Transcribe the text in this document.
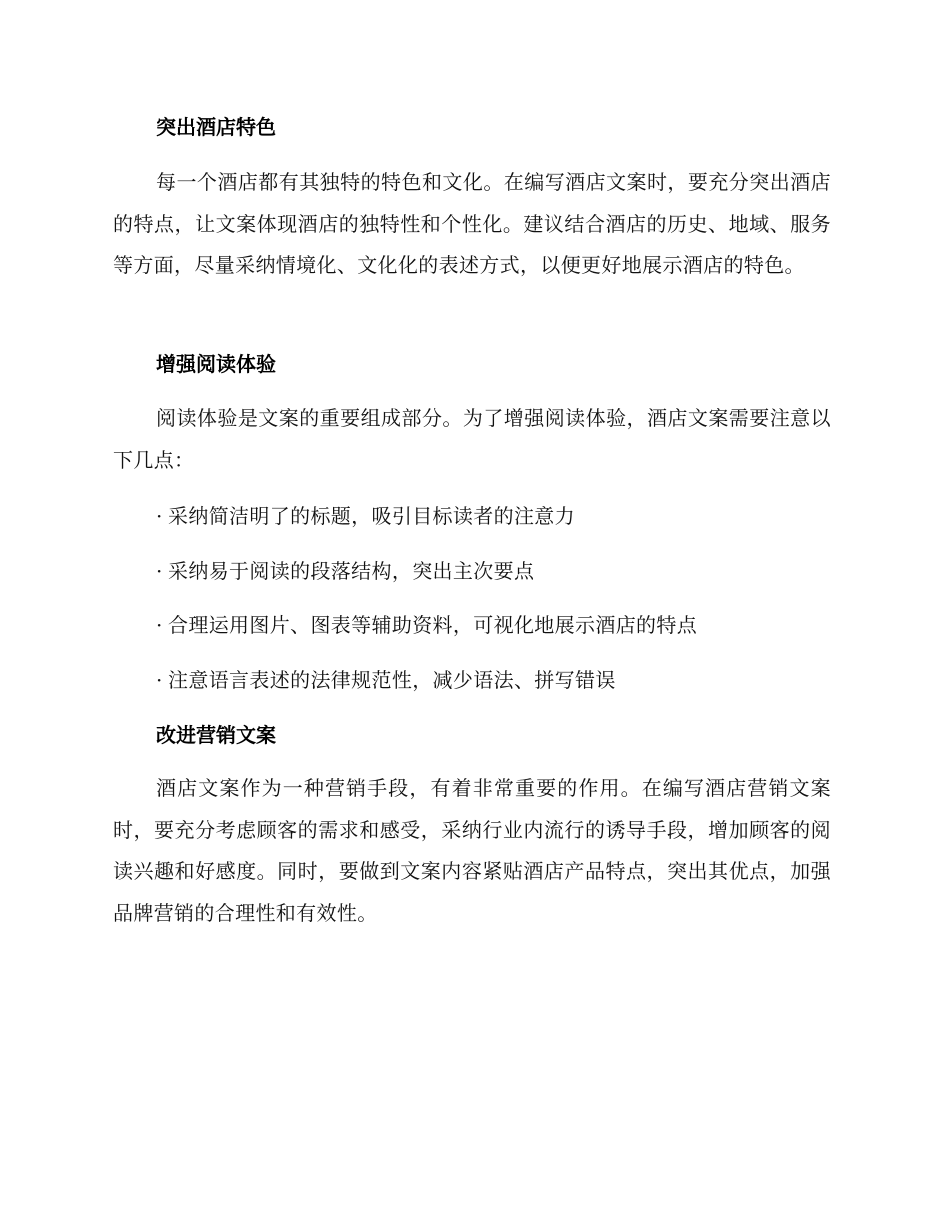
突出酒店特色

每一个酒店都有其独特的特色和文化。在编写酒店文案时，要充分突出酒店的特点，让文案体现酒店的独特性和个性化。建议结合酒店的历史、地域、服务等方面，尽量采纳情境化、文化化的表述方式，以便更好地展示酒店的特色。

增强阅读体验

阅读体验是文案的重要组成部分。为了增强阅读体验，酒店文案需要注意以下几点：

· 采纳简洁明了的标题，吸引目标读者的注意力
· 采纳易于阅读的段落结构，突出主次要点
· 合理运用图片、图表等辅助资料，可视化地展示酒店的特点
· 注意语言表述的法律规范性，减少语法、拼写错误
改进营销文案

酒店文案作为一种营销手段，有着非常重要的作用。在编写酒店营销文案时，要充分考虑顾客的需求和感受，采纳行业内流行的诱导手段，增加顾客的阅读兴趣和好感度。同时，要做到文案内容紧贴酒店产品特点，突出其优点，加强品牌营销的合理性和有效性。
